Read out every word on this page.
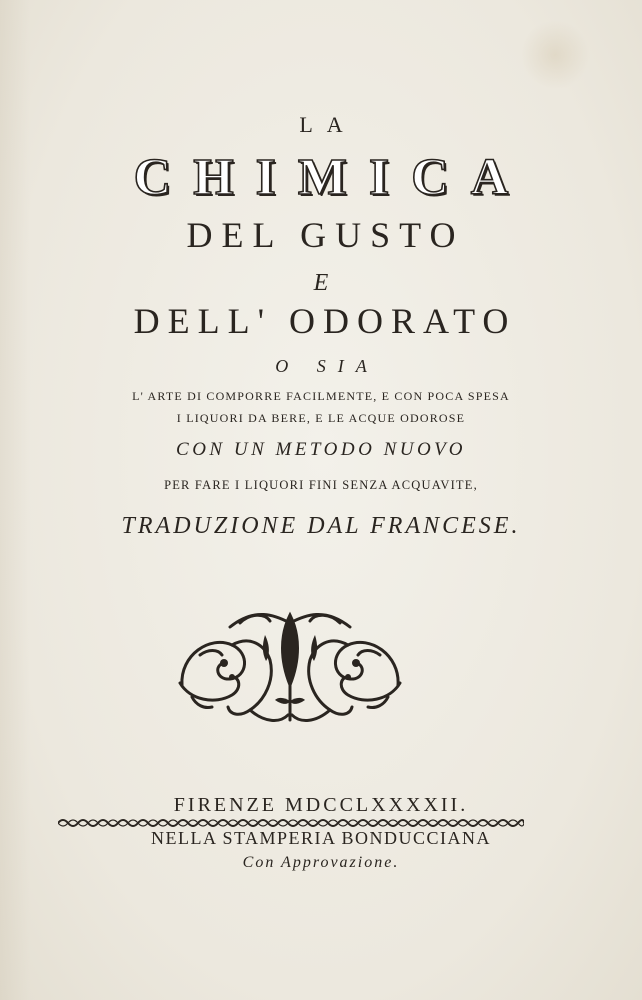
LA
CHIMICA
DEL GUSTO
E
DELL' ODORATO
O SIA
L' ARTE DI COMPORRE FACILMENTE, E CON POCA SPESA
I LIQUORI DA BERE, E LE ACQUE ODOROSE
CON UN METODO NUOVO
PER FARE I LIQUORI FINI SENZA ACQUAVITE,
TRADUZIONE DAL FRANCESE.
FIRENZE MDCCLXXXXII.
NELLA STAMPERIA BONDUCCIANA
Con Approvazione.
